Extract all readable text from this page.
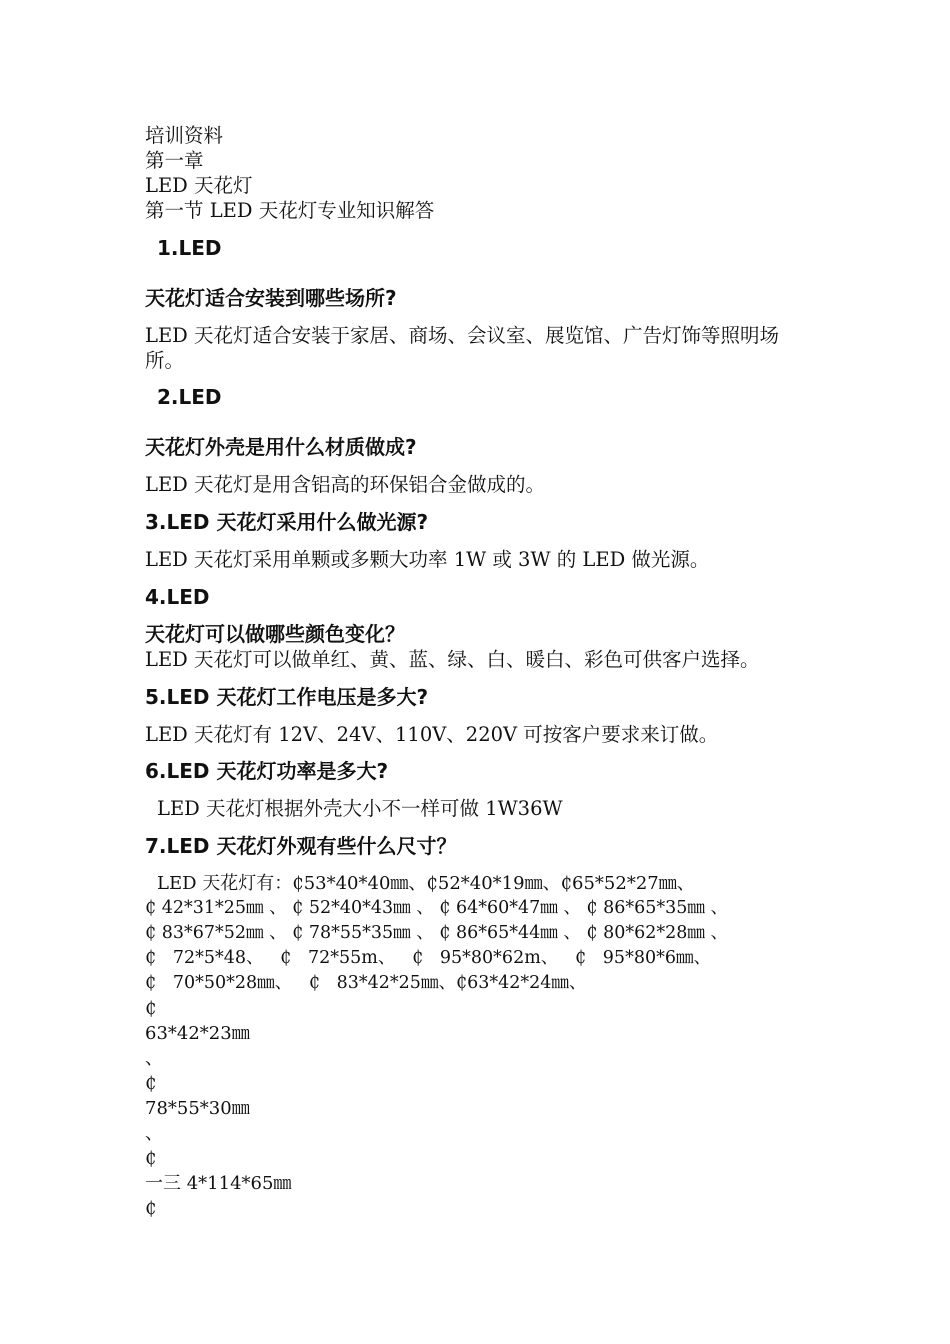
培训资料
第一章
LED 天花灯
第一节 LED 天花灯专业知识解答
1.LED
天花灯适合安装到哪些场所?
LED 天花灯适合安装于家居、商场、会议室、展览馆、广告灯饰等照明场所。
2.LED
天花灯外壳是用什么材质做成?
LED 天花灯是用含铝高的环保铝合金做成的。
3.LED 天花灯采用什么做光源?
LED 天花灯采用单颗或多颗大功率 1W 或 3W 的 LED 做光源。
4.LED
天花灯可以做哪些颜色变化？
LED 天花灯可以做单红、黄、蓝、绿、白、暖白、彩色可供客户选择。
5.LED 天花灯工作电压是多大?
LED 天花灯有 12V、24V、110V、220V 可按客户要求来订做。
6.LED 天花灯功率是多大?
LED 天花灯根据外壳大小不一样可做 1W36W
7.LED 天花灯外观有些什么尺寸？
LED 天花灯有：₵53*40*40㎜、₵52*40*19㎜、₵65*52*27㎜、
₵ 42*31*25㎜ 、 ₵ 52*40*43㎜ 、 ₵ 64*60*47㎜ 、 ₵ 86*65*35㎜ 、
₵ 83*67*52㎜ 、 ₵ 78*55*35㎜ 、 ₵ 86*65*44㎜ 、 ₵ 80*62*28㎜ 、
₵   72*5*48、   ₵   72*55m、   ₵   95*80*62m、   ₵   95*80*6㎜、
₵   70*50*28㎜、   ₵   83*42*25㎜、₵63*42*24㎜、
₵
63*42*23㎜
、
₵
78*55*30㎜
、
₵
一三 4*114*65㎜
₵
